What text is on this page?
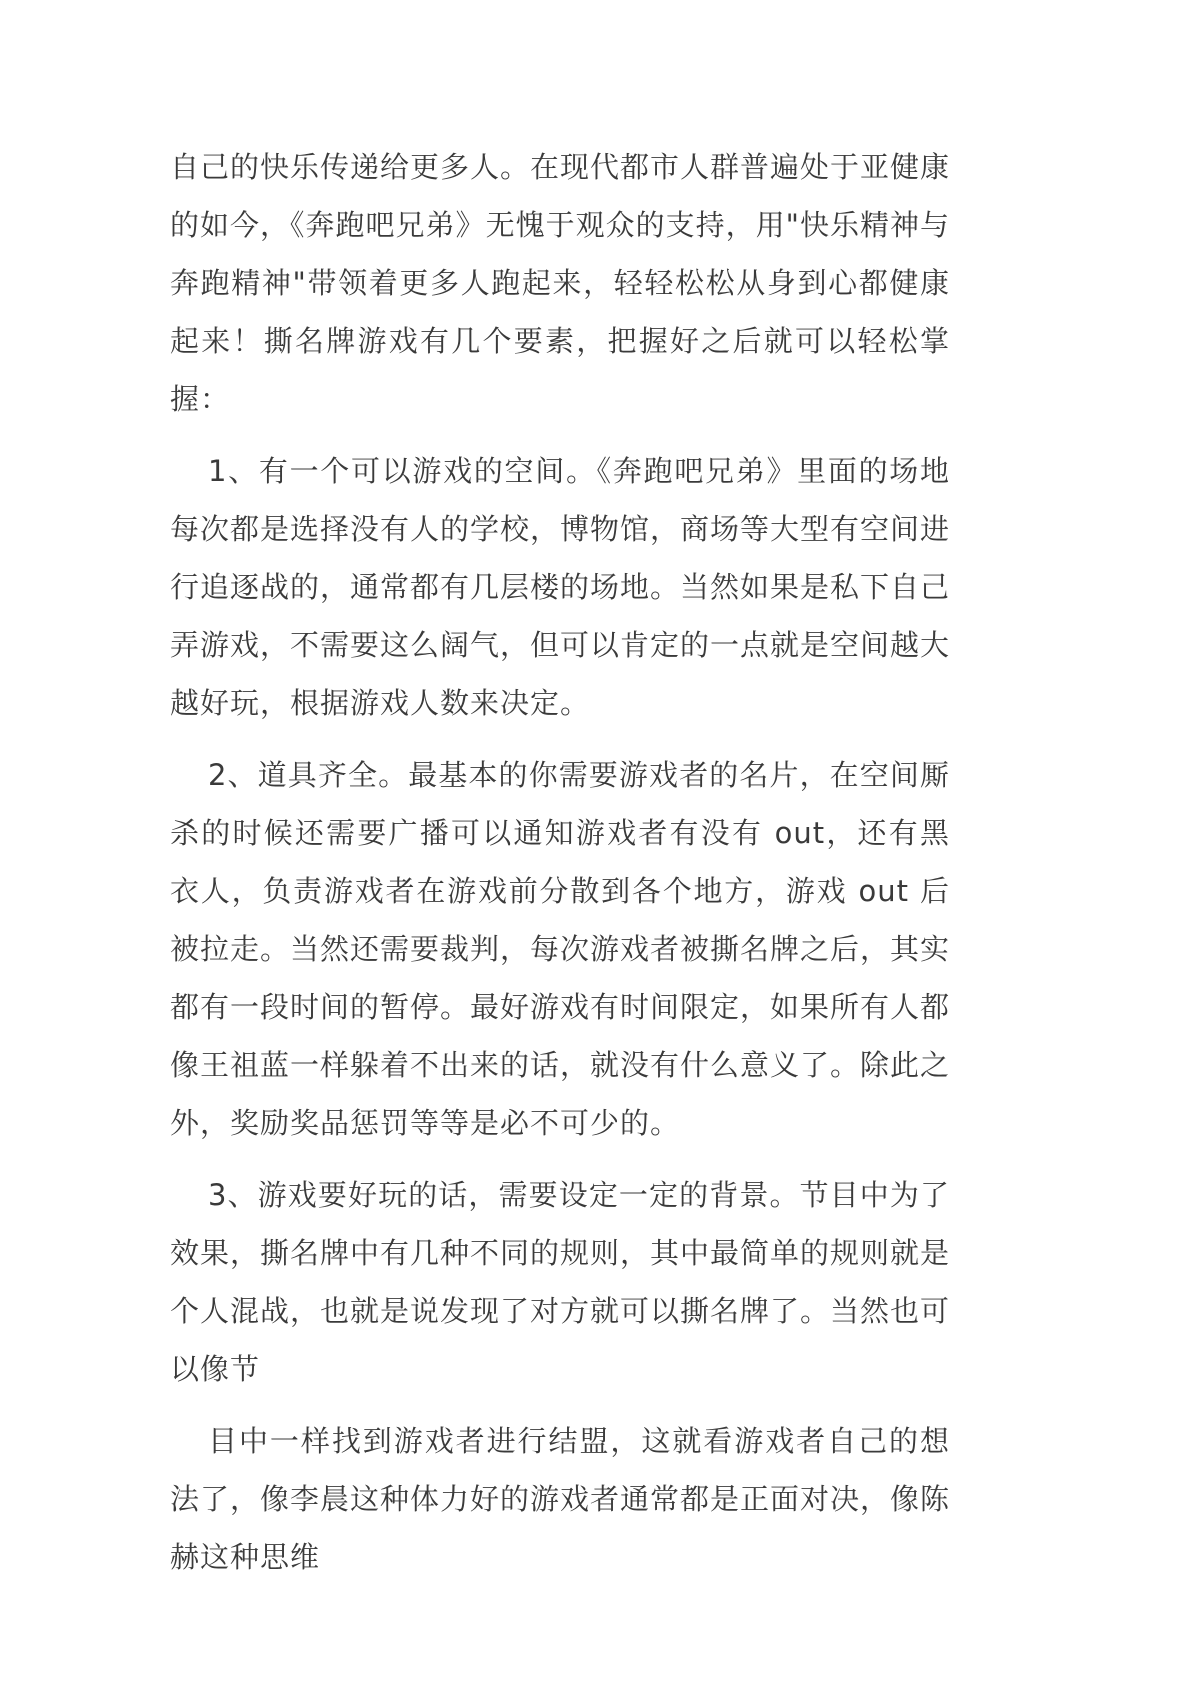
自己的快乐传递给更多人。在现代都市人群普遍处于亚健康的如今，《奔跑吧兄弟》无愧于观众的支持，用"快乐精神与奔跑精神"带领着更多人跑起来，轻轻松松从身到心都健康起来！撕名牌游戏有几个要素，把握好之后就可以轻松掌握：

1、有一个可以游戏的空间。《奔跑吧兄弟》里面的场地每次都是选择没有人的学校，博物馆，商场等大型有空间进行追逐战的，通常都有几层楼的场地。当然如果是私下自己弄游戏，不需要这么阔气，但可以肯定的一点就是空间越大越好玩，根据游戏人数来决定。

2、道具齐全。最基本的你需要游戏者的名片，在空间厮杀的时候还需要广播可以通知游戏者有没有 out，还有黑衣人，负责游戏者在游戏前分散到各个地方，游戏 out 后被拉走。当然还需要裁判，每次游戏者被撕名牌之后，其实都有一段时间的暂停。最好游戏有时间限定，如果所有人都像王祖蓝一样躲着不出来的话，就没有什么意义了。除此之外，奖励奖品惩罚等等是必不可少的。

3、游戏要好玩的话，需要设定一定的背景。节目中为了效果，撕名牌中有几种不同的规则，其中最简单的规则就是个人混战，也就是说发现了对方就可以撕名牌了。当然也可以像节

目中一样找到游戏者进行结盟，这就看游戏者自己的想法了，像李晨这种体力好的游戏者通常都是正面对决，像陈赫这种思维
